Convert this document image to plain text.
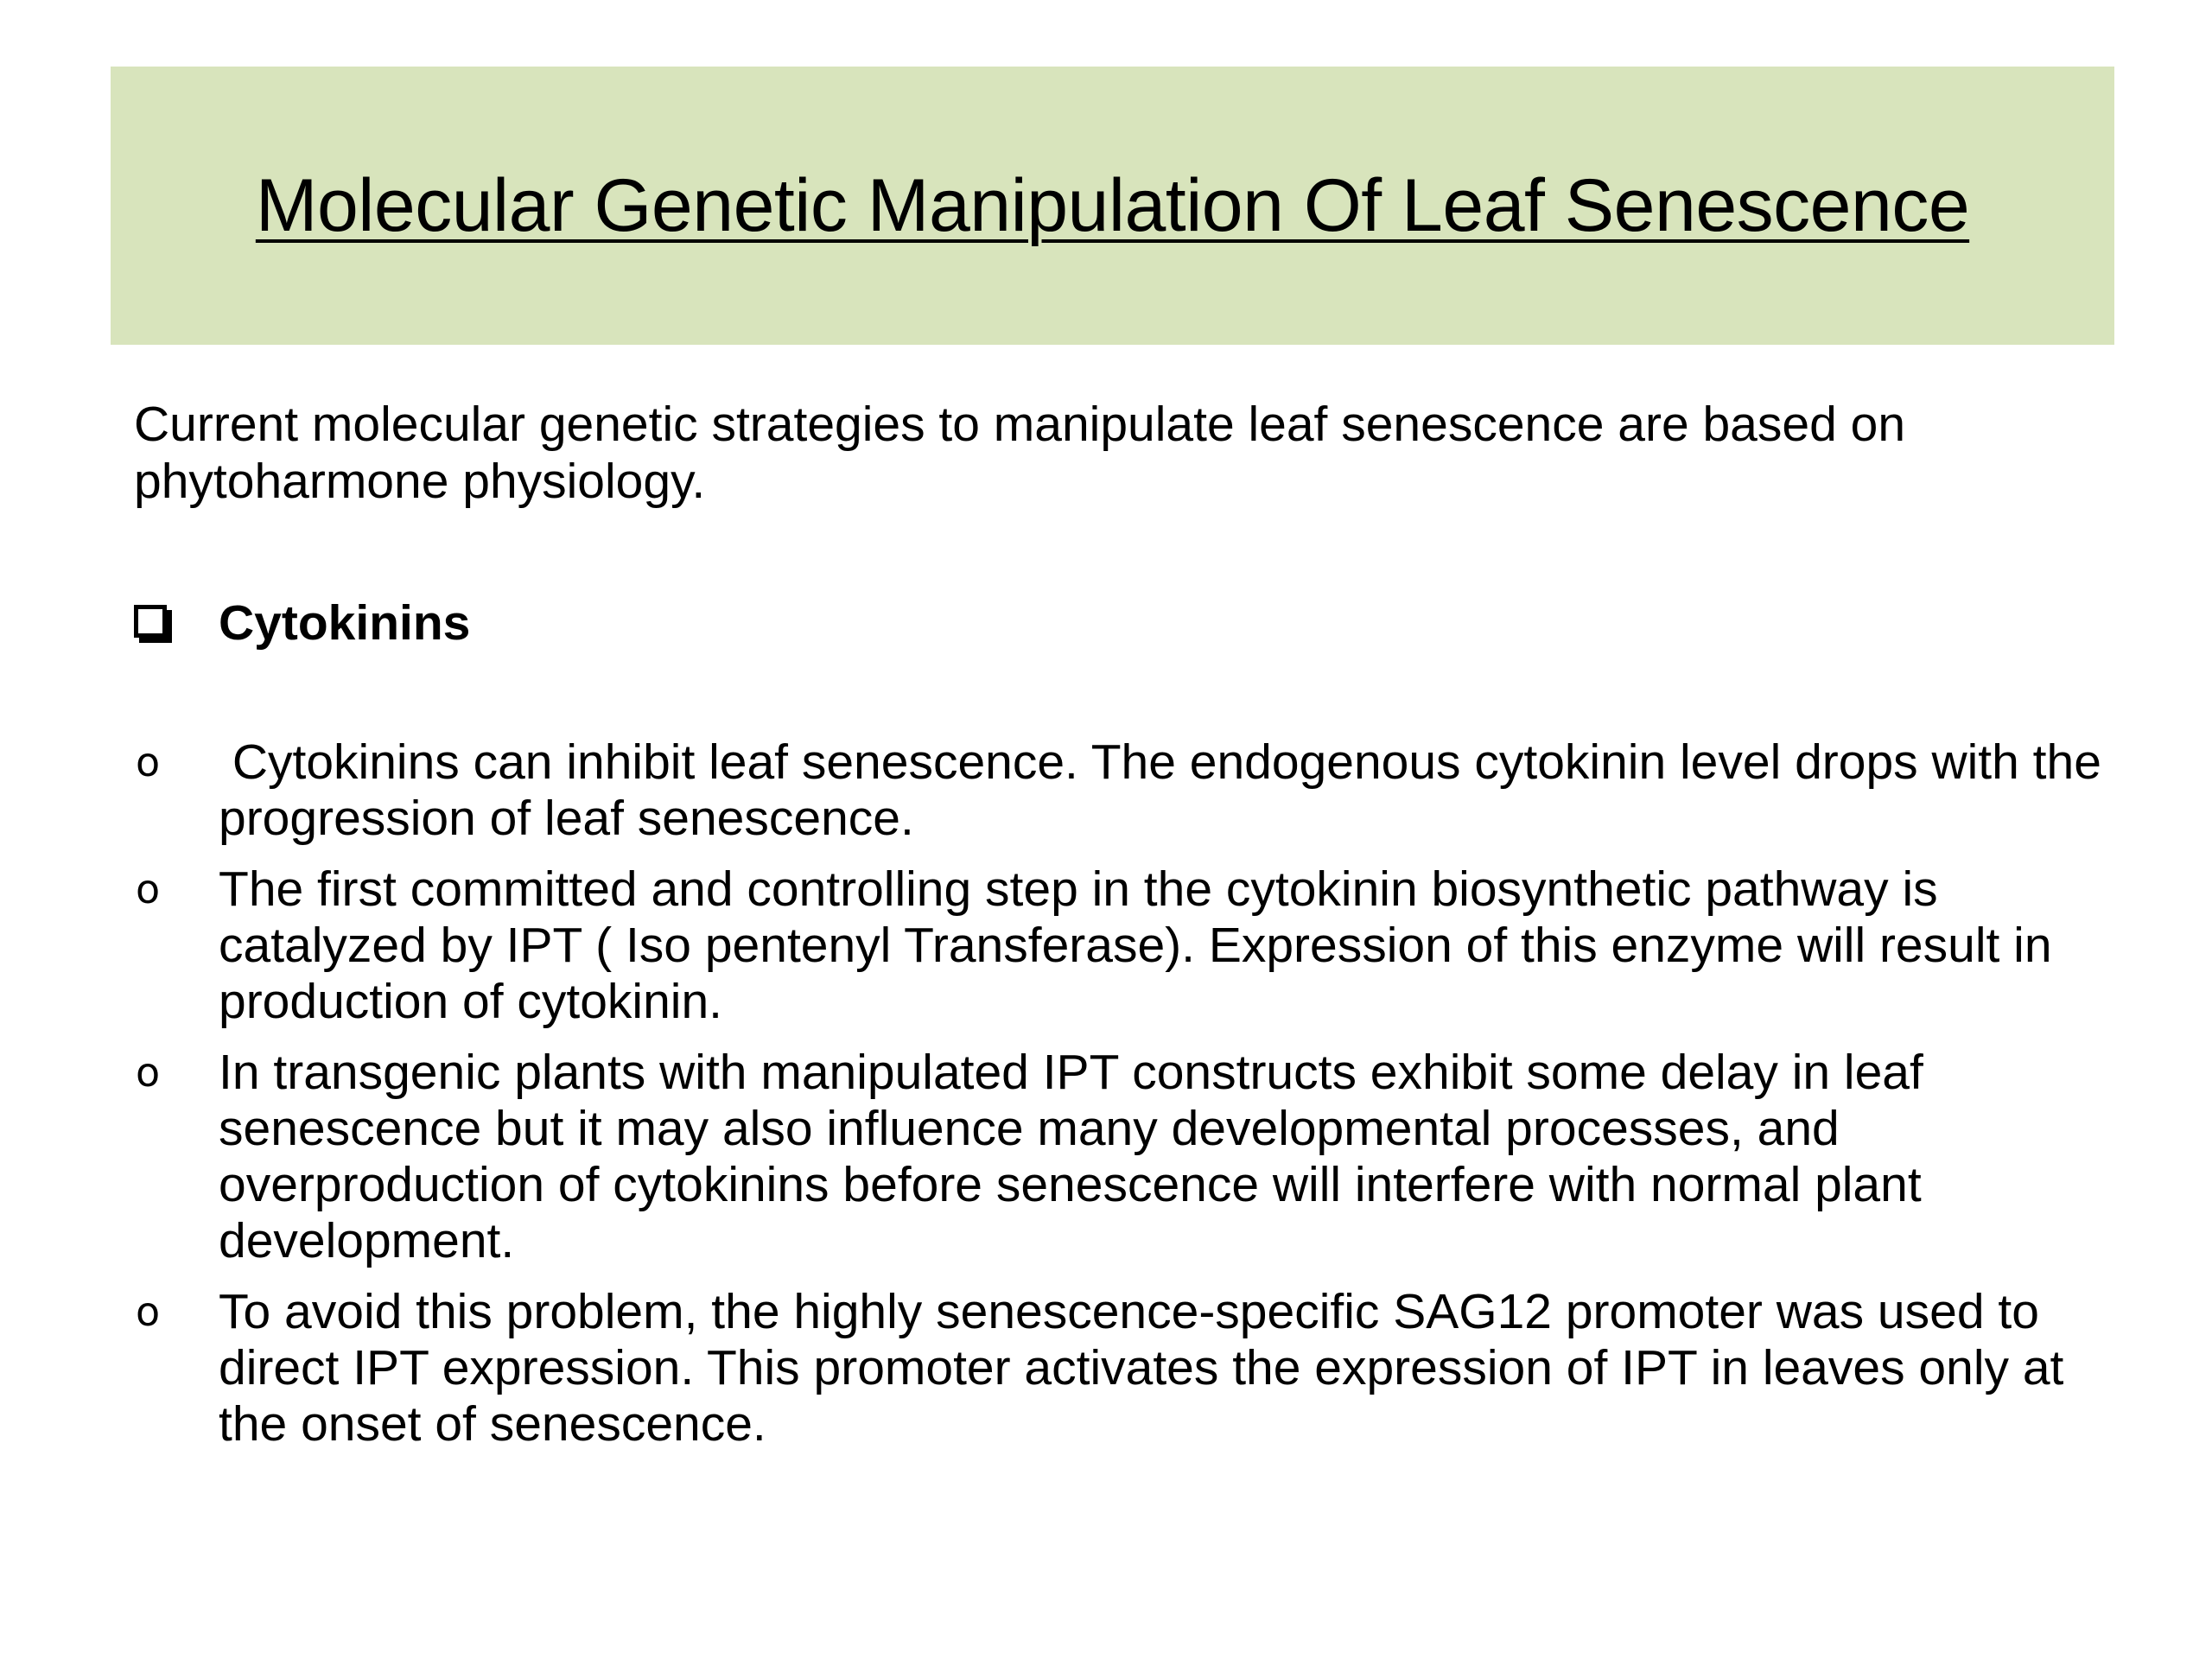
Molecular Genetic Manipulation Of Leaf Senescence
Current molecular genetic strategies to manipulate leaf senescence are based on phytoharmone physiology.
Cytokinins
o Cytokinins can inhibit leaf senescence. The endogenous cytokinin level drops with the progression of leaf senescence.
o The first committed and controlling step in the cytokinin biosynthetic pathway is catalyzed by IPT ( Iso pentenyl Transferase). Expression of this enzyme will result in production of cytokinin.
o In transgenic plants with manipulated IPT constructs exhibit some delay in leaf senescence but it may also influence many developmental processes, and overproduction of cytokinins before senescence will interfere with normal plant development.
o To avoid this problem, the highly senescence-specific SAG12 promoter was used to direct IPT expression. This promoter activates the expression of IPT in leaves only at the onset of senescence.
